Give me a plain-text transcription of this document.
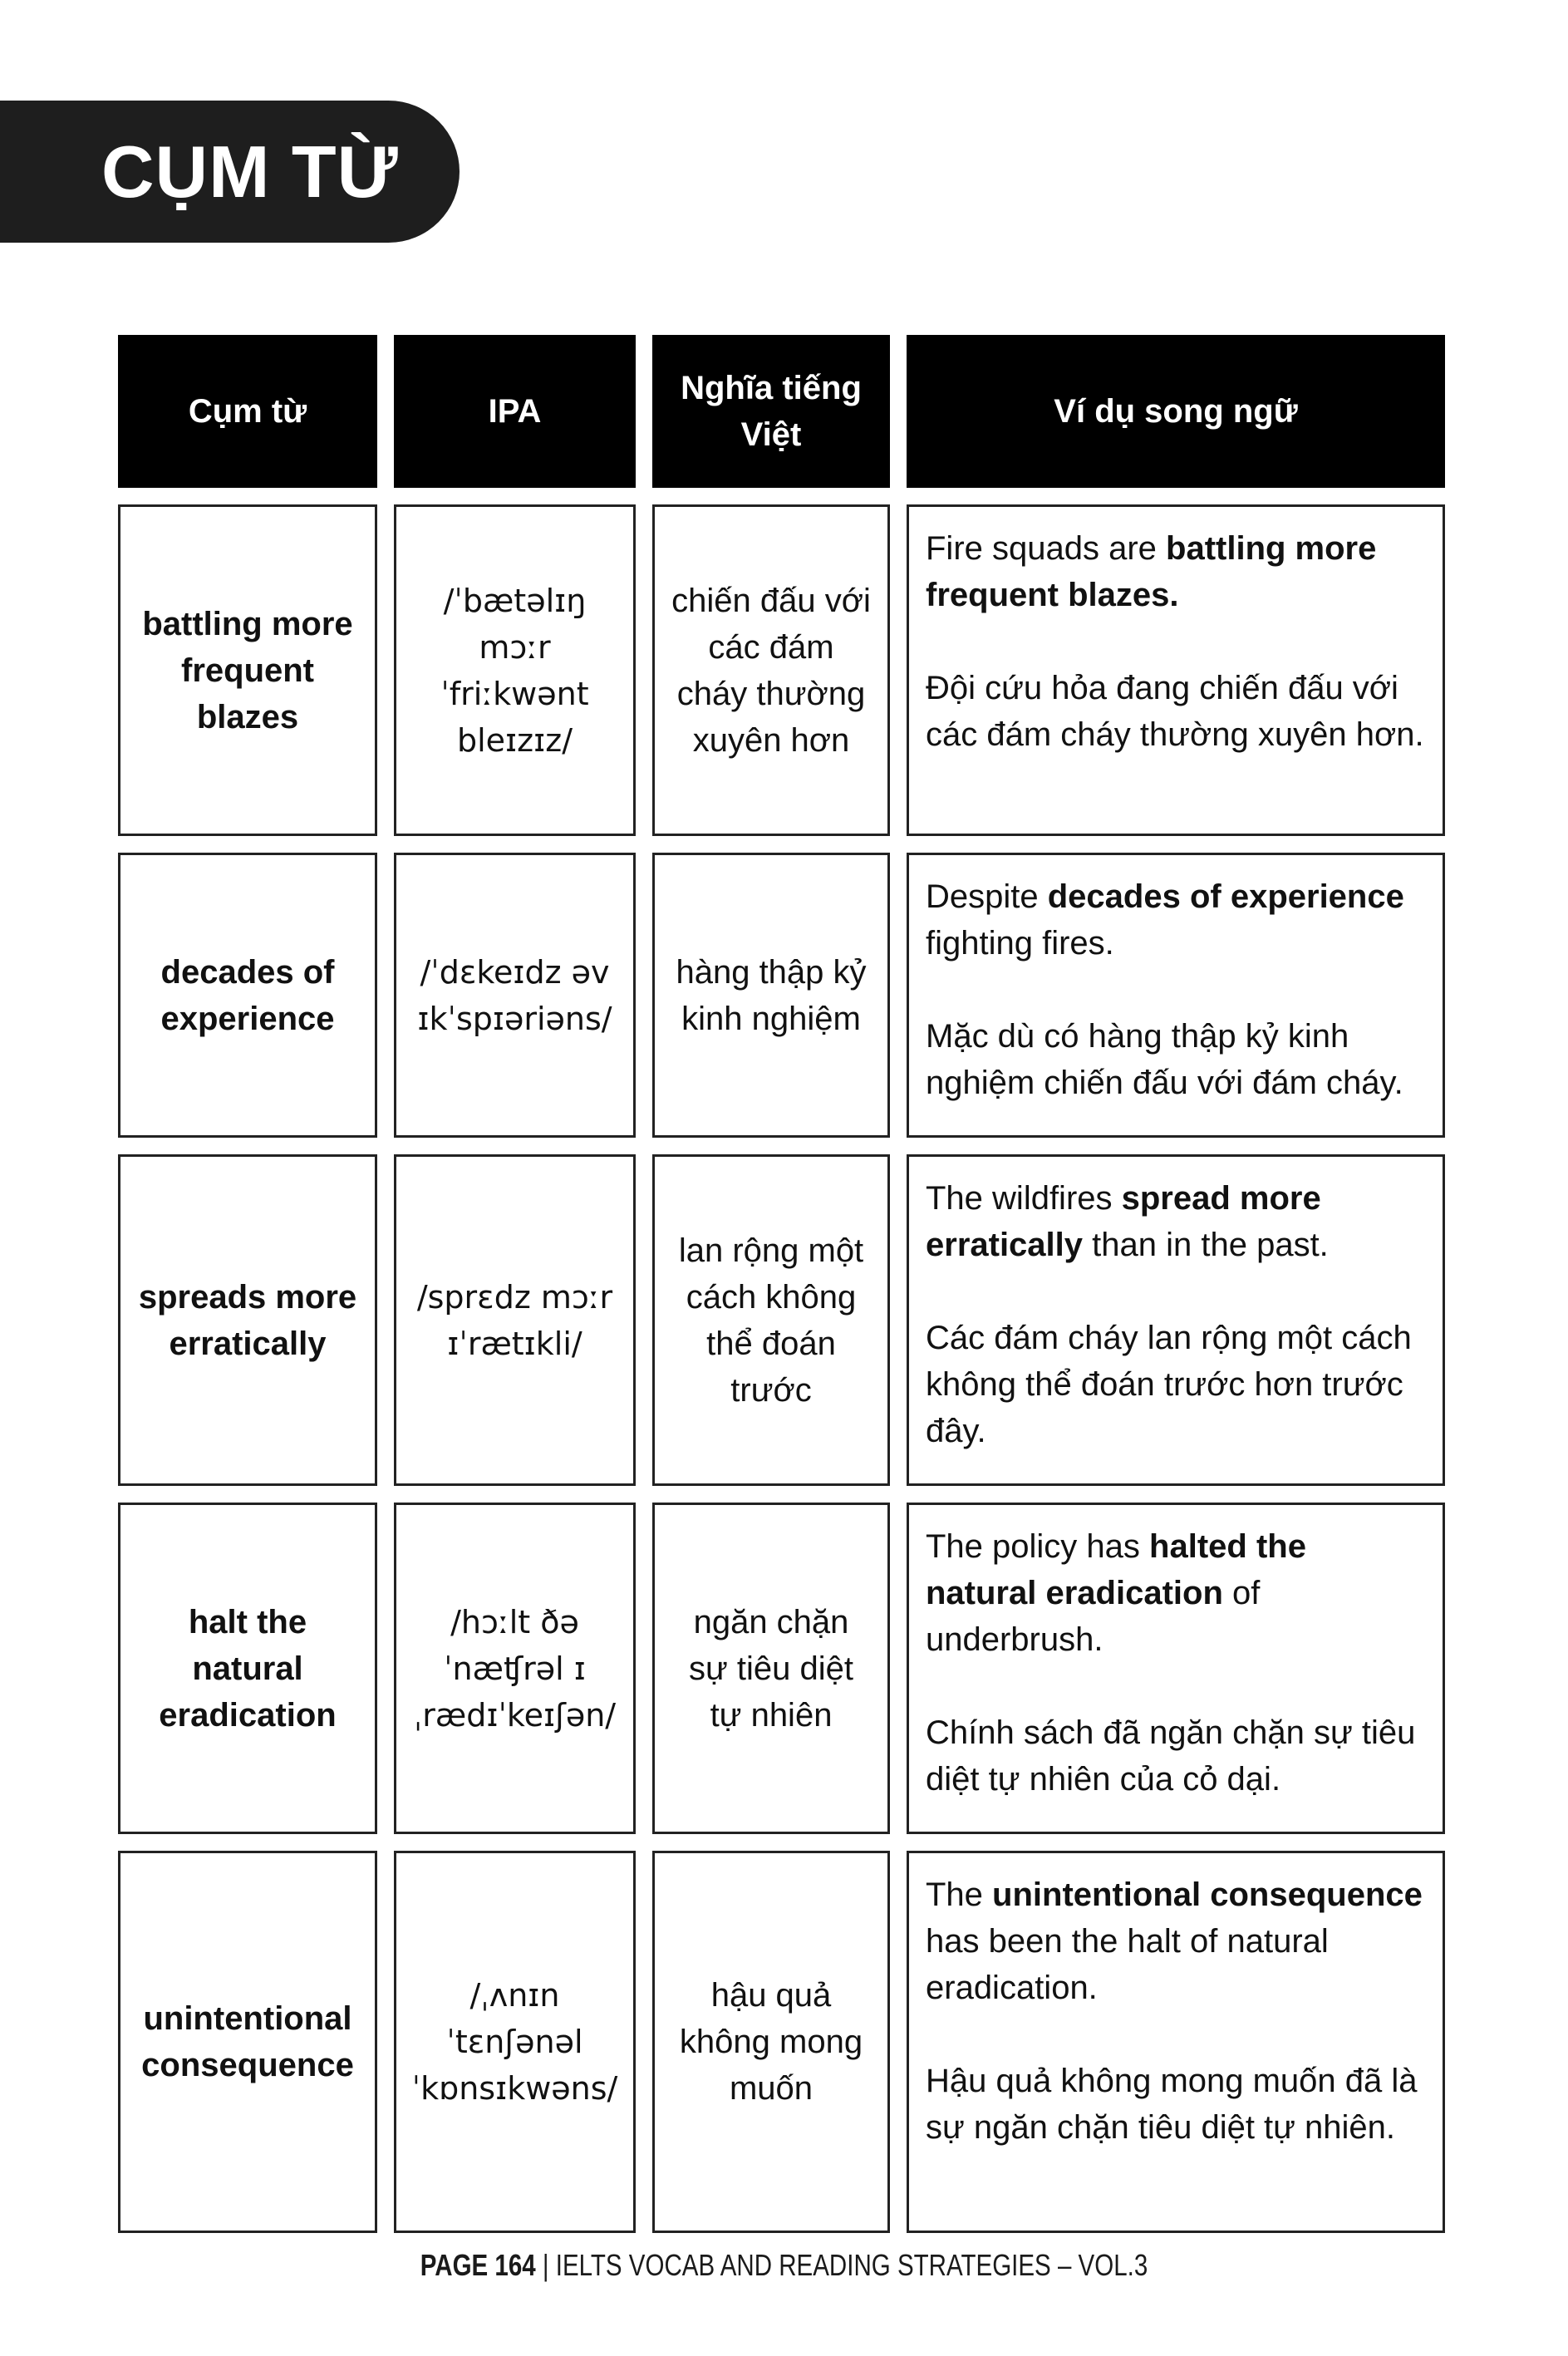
CỤM TỪ
Cụm từ	IPA	Nghĩa tiếng Việt	Ví dụ song ngữ
battling more frequent blazes	/ˈbætəlɪŋ mɔːr ˈfriːkwənt bleɪzɪz/	chiến đấu với các đám cháy thường xuyên hơn	Fire squads are battling more frequent blazes.

Đội cứu hỏa đang chiến đấu với các đám cháy thường xuyên hơn.

decades of experience	/ˈdɛkeɪdz əv ɪkˈspɪəriəns/	hàng thập kỷ kinh nghiệm	Despite decades of experience fighting fires.

Mặc dù có hàng thập kỷ kinh nghiệm chiến đấu với đám cháy.

spreads more erratically	/sprɛdz mɔːr ɪˈrætɪkli/	lan rộng một cách không thể đoán trước	The wildfires spread more erratically than in the past.

Các đám cháy lan rộng một cách không thể đoán trước hơn trước đây.

halt the natural eradication	/hɔːlt ðə ˈnæʧrəl ɪˌrædɪˈkeɪʃən/	ngăn chặn sự tiêu diệt tự nhiên	The policy has halted the natural eradication of underbrush.

Chính sách đã ngăn chặn sự tiêu diệt tự nhiên của cỏ dại.

unintentional consequence	/ˌʌnɪnˈtɛnʃənəl ˈkɒnsɪkwəns/	hậu quả không mong muốn	The unintentional consequence has been the halt of natural eradication.

Hậu quả không mong muốn đã là sự ngăn chặn tiêu diệt tự nhiên.

PAGE 164 | IELTS VOCAB AND READING STRATEGIES – VOL.3
